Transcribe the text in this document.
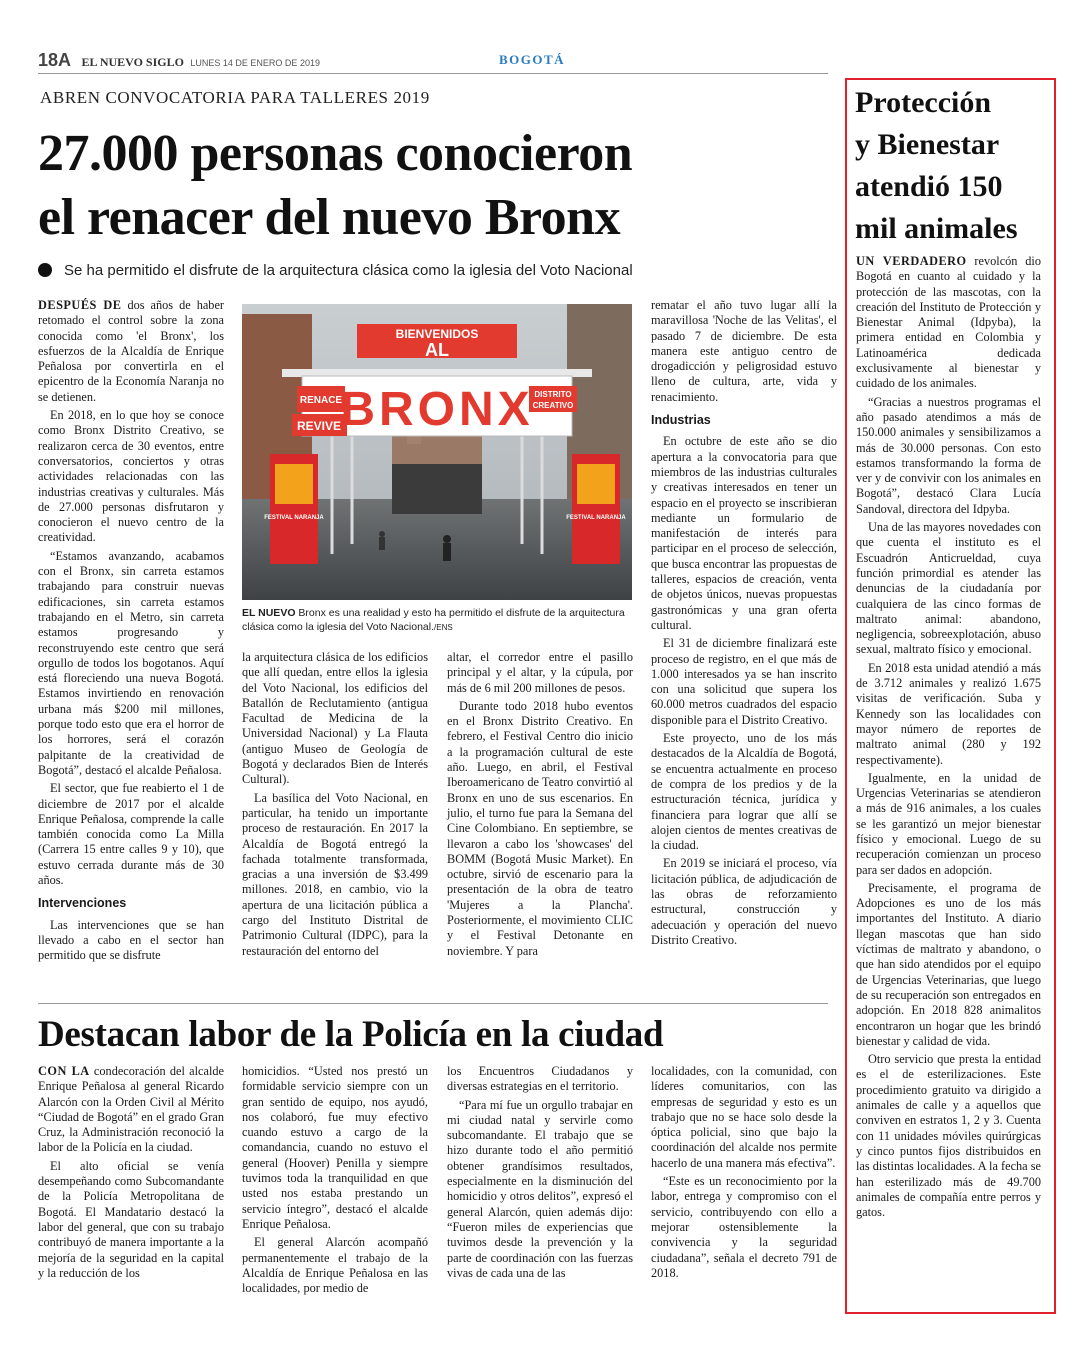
18A EL NUEVO SIGLO LUNES 14 DE ENERO DE 2019	BOGOTÁ
ABREN CONVOCATORIA PARA TALLERES 2019
27.000 personas conocieron
el renacer del nuevo Bronx
Se ha permitido el disfrute de la arquitectura clásica como la iglesia del Voto Nacional

DESPUÉS DE dos años de haber retomado el control sobre la zona conocida como 'el Bronx', los esfuerzos de la Alcaldía de Enrique Peñalosa por convertirla en el epicentro de la Economía Naranja no se detienen.

En 2018, en lo que hoy se conoce como Bronx Distrito Creativo, se realizaron cerca de 30 eventos, entre conversatorios, conciertos y otras actividades relacionadas con las industrias creativas y culturales. Más de 27.000 personas disfrutaron y conocieron el nuevo centro de la creatividad.

“Estamos avanzando, acabamos con el Bronx, sin carreta estamos trabajando para construir nuevas edificaciones, sin carreta estamos trabajando en el Metro, sin carreta estamos progresando y reconstruyendo este centro que será orgullo de todos los bogotanos. Aquí está floreciendo una nueva Bogotá. Estamos invirtiendo en renovación urbana más $200 mil millones, porque todo esto que era el horror de los horrores, será el corazón palpitante de la creatividad de Bogotá”, destacó el alcalde Peñalosa.

El sector, que fue reabierto el 1 de diciembre de 2017 por el alcalde Enrique Peñalosa, comprende la calle también conocida como La Milla (Carrera 15 entre calles 9 y 10), que estuvo cerrada durante más de 30 años.

Intervenciones

Las intervenciones que se han llevado a cabo en el sector han permitido que se disfrute

BIENVENIDOS
AL
BRONX
RENACE
REVIVE
DISTRITO
CREATIVO
FESTIVAL NARANJA	FESTIVAL NARANJA
EL NUEVO Bronx es una realidad y esto ha permitido el disfrute de la arquitectura clásica como la iglesia del Voto Nacional./ENS

la arquitectura clásica de los edificios que allí quedan, entre ellos la iglesia del Voto Nacional, los edificios del Batallón de Reclutamiento (antigua Facultad de Medicina de la Universidad Nacional) y La Flauta (antiguo Museo de Geología de Bogotá y declarados Bien de Interés Cultural).

La basílica del Voto Nacional, en particular, ha tenido un importante proceso de restauración. En 2017 la Alcaldía de Bogotá entregó la fachada totalmente transformada, gracias a una inversión de $3.499 millones. 2018, en cambio, vio la apertura de una licitación pública a cargo del Instituto Distrital de Patrimonio Cultural (IDPC), para la restauración del entorno del

altar, el corredor entre el pasillo principal y el altar, y la cúpula, por más de 6 mil 200 millones de pesos.

Durante todo 2018 hubo eventos en el Bronx Distrito Creativo. En febrero, el Festival Centro dio inicio a la programación cultural de este año. Luego, en abril, el Festival Iberoamericano de Teatro convirtió al Bronx en uno de sus escenarios. En julio, el turno fue para la Semana del Cine Colombiano. En septiembre, se llevaron a cabo los 'showcases' del BOMM (Bogotá Music Market). En octubre, sirvió de escenario para la presentación de la obra de teatro 'Mujeres a la Plancha'. Posteriormente, el movimiento CLIC y el Festival Detonante en noviembre. Y para

rematar el año tuvo lugar allí la maravillosa 'Noche de las Velitas', el pasado 7 de diciembre. De esta manera este antiguo centro de drogadicción y peligrosidad estuvo lleno de cultura, arte, vida y renacimiento.

Industrias

En octubre de este año se dio apertura a la convocatoria para que miembros de las industrias culturales y creativas interesados en tener un espacio en el proyecto se inscribieran mediante un formulario de manifestación de interés para participar en el proceso de selección, que busca encontrar las propuestas de talleres, espacios de creación, venta de objetos únicos, nuevas propuestas gastronómicas y una gran oferta cultural.

El 31 de diciembre finalizará este proceso de registro, en el que más de 1.000 interesados ya se han inscrito con una solicitud que supera los 60.000 metros cuadrados del espacio disponible para el Distrito Creativo.

Este proyecto, uno de los más destacados de la Alcaldía de Bogotá, se encuentra actualmente en proceso de compra de los predios y de la estructuración técnica, jurídica y financiera para lograr que allí se alojen cientos de mentes creativas de la ciudad.

En 2019 se iniciará el proceso, vía licitación pública, de adjudicación de las obras de reforzamiento estructural, construcción y adecuación y operación del nuevo Distrito Creativo.

Destacan labor de la Policía en la ciudad

CON LA condecoración del alcalde Enrique Peñalosa al general Ricardo Alarcón con la Orden Civil al Mérito “Ciudad de Bogotá” en el grado Gran Cruz, la Administración reconoció la labor de la Policía en la ciudad.

El alto oficial se venía desempeñando como Subcomandante de la Policía Metropolitana de Bogotá. El Mandatario destacó la labor del general, que con su trabajo contribuyó de manera importante a la mejoría de la seguridad en la capital y la reducción de los

homicidios. “Usted nos prestó un formidable servicio siempre con un gran sentido de equipo, nos ayudó, nos colaboró, fue muy efectivo cuando estuvo a cargo de la comandancia, cuando no estuvo el general (Hoover) Penilla y siempre tuvimos toda la tranquilidad en que usted nos estaba prestando un servicio íntegro”, destacó el alcalde Enrique Peñalosa.

El general Alarcón acompañó permanentemente el trabajo de la Alcaldía de Enrique Peñalosa en las localidades, por medio de

los Encuentros Ciudadanos y diversas estrategias en el territorio.

“Para mí fue un orgullo trabajar en mi ciudad natal y servirle como subcomandante. El trabajo que se hizo durante todo el año permitió obtener grandísimos resultados, especialmente en la disminución del homicidio y otros delitos”, expresó el general Alarcón, quien además dijo: “Fueron miles de experiencias que tuvimos desde la prevención y la parte de coordinación con las fuerzas vivas de cada una de las

localidades, con la comunidad, con líderes comunitarios, con las empresas de seguridad y esto es un trabajo que no se hace solo desde la óptica policial, sino que bajo la coordinación del alcalde nos permite hacerlo de una manera más efectiva”.

“Este es un reconocimiento por la labor, entrega y compromiso con el servicio, contribuyendo con ello a mejorar ostensiblemente la convivencia y la seguridad ciudadana”, señala el decreto 791 de 2018.

Protección
y Bienestar
atendió 150
mil animales

UN VERDADERO revolcón dio Bogotá en cuanto al cuidado y la protección de las mascotas, con la creación del Instituto de Protección y Bienestar Animal (Idpyba), la primera entidad en Colombia y Latinoamérica dedicada exclusivamente al bienestar y cuidado de los animales.

“Gracias a nuestros programas el año pasado atendimos a más de 150.000 animales y sensibilizamos a más de 30.000 personas. Con esto estamos transformando la forma de ver y de convivir con los animales en Bogotá”, destacó Clara Lucía Sandoval, directora del Idpyba.

Una de las mayores novedades con que cuenta el instituto es el Escuadrón Anticrueldad, cuya función primordial es atender las denuncias de la ciudadanía por cualquiera de las cinco formas de maltrato animal: abandono, negligencia, sobreexplotación, abuso sexual, maltrato físico y emocional.

En 2018 esta unidad atendió a más de 3.712 animales y realizó 1.675 visitas de verificación. Suba y Kennedy son las localidades con mayor número de reportes de maltrato animal (280 y 192 respectivamente).

Igualmente, en la unidad de Urgencias Veterinarias se atendieron a más de 916 animales, a los cuales se les garantizó un mejor bienestar físico y emocional. Luego de su recuperación comienzan un proceso para ser dados en adopción.

Precisamente, el programa de Adopciones es uno de los más importantes del Instituto. A diario llegan mascotas que han sido víctimas de maltrato y abandono, o que han sido atendidos por el equipo de Urgencias Veterinarias, que luego de su recuperación son entregados en adopción. En 2018 828 animalitos encontraron un hogar que les brindó bienestar y calidad de vida.

Otro servicio que presta la entidad es el de esterilizaciones. Este procedimiento gratuito va dirigido a animales de calle y a aquellos que conviven en estratos 1, 2 y 3. Cuenta con 11 unidades móviles quirúrgicas y cinco puntos fijos distribuidos en las distintas localidades. A la fecha se han esterilizado más de 49.700 animales de compañía entre perros y gatos.
